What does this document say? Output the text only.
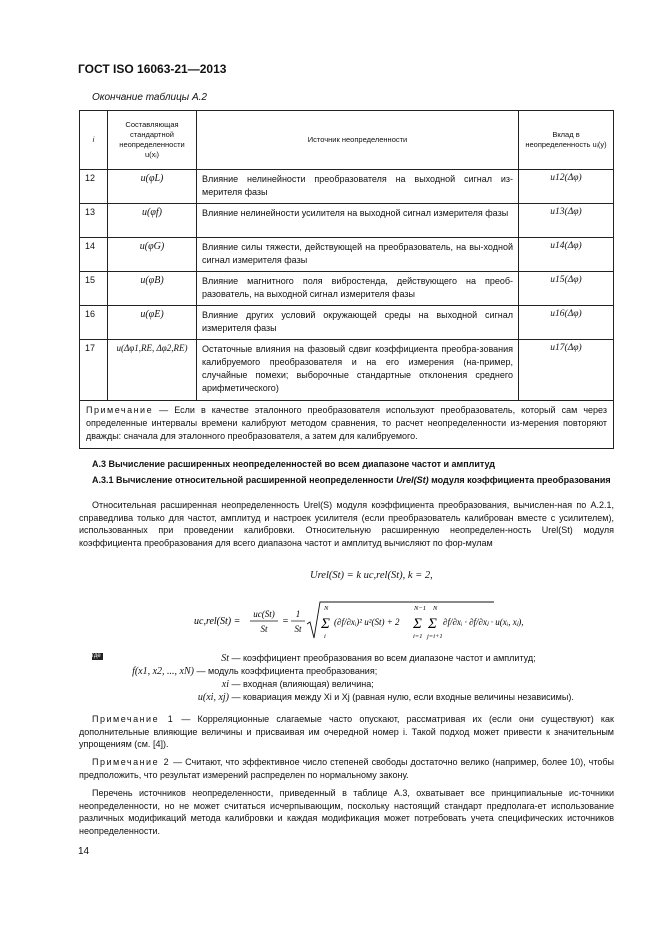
ГОСТ ISO 16063-21—2013
Окончание таблицы А.2
i	Составляющая стандартной неопределенности u(xᵢ)	Источник неопределенности	Вклад в неопределенность uᵢ(y)
12	u(φL)	Влияние нелинейности преобразователя на выходной сигнал из-мерителя фазы	u12(Δφ)
13	u(φf)	Влияние нелинейности усилителя на выходной сигнал измерителя фазы	u13(Δφ)
14	u(φG)	Влияние силы тяжести, действующей на преобразователь, на вы-ходной сигнал измерителя фазы	u14(Δφ)
15	u(φB)	Влияние магнитного поля вибростенда, действующего на преоб-разователь, на выходной сигнал измерителя фазы	u15(Δφ)
16	u(φE)	Влияние других условий окружающей среды на выходной сигнал измерителя фазы	u16(Δφ)
17	u(Δφ1,RE, Δφ2,RE)	Остаточные влияния на фазовый сдвиг коэффициента преобра-зования калибруемого преобразователя и на его измерения (на-пример, случайные помехи; выборочные стандартные отклонения среднего арифметического)	u17(Δφ)
Примечание — Если в качестве эталонного преобразователя используют преобразователь, который сам через определенные интервалы времени калибруют методом сравнения, то расчет неопределенности из-мерения повторяют дважды: сначала для эталонного преобразователя, а затем для калибруемого.			
А.3 Вычисление расширенных неопределенностей во всем диапазоне частот и амплитуд
А.3.1 Вычисление относительной расширенной неопределенности Urel(St) модуля коэффициента преобразования
Относительная расширенная неопределенность Urel(S) модуля коэффициента преобразования, вычислен-ная по А.2.1, справедлива только для частот, амплитуд и настроек усилителя (если преобразователь калиброван вместе с усилителем), использованных при проведении калибровки. Относительную расширенную неопределен-ность Urel(St) модуля коэффициента преобразования для всего диапазона частот и амплитуд вычисляют по фор-мулам
Urel(St) = k uc,rel(St), k = 2,
uc,rel(St) =
uc(St)
St
=
1
St
N
Σ
i
(∂f/∂xᵢ)² u²(St) + 2
N−1
Σ
i=1
N
Σ
j=i+1
∂f/∂xᵢ · ∂f/∂xⱼ · u(xᵢ, xⱼ),
где	St — коэффициент преобразования во всем диапазоне частот и амплитуд;
f(x1, x2, ..., xN) — модуль коэффициента преобразования;
xi — входная (влияющая) величина;
u(xi, xj) — ковариация между Xi и Xj (равная нулю, если входные величины независимы).
Примечание 1 — Корреляционные слагаемые часто опускают, рассматривая их (если они существуют) как дополнительные влияющие величины и присваивая им очередной номер i. Такой подход может привести к значительным упрощениям (см. [4]).
Примечание 2 — Считают, что эффективное число степеней свободы достаточно велико (например, более 10), чтобы предположить, что результат измерений распределен по нормальному закону.
Перечень источников неопределенности, приведенный в таблице А.3, охватывает все принципиальные ис-точники неопределенности, но не может считаться исчерпывающим, поскольку настоящий стандарт предполага-ет использование различных модификаций метода калибровки и каждая модификация может потребовать учета специфических источников неопределенности.
14
